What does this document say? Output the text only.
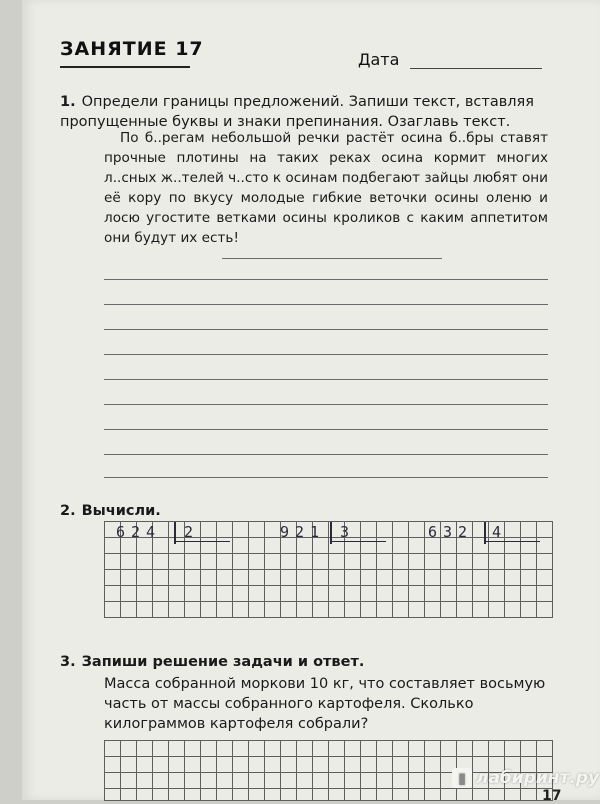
ЗАНЯТИЕ 17	Дата
1. Определи границы предложений. Запиши текст, вставляя пропущенные буквы и знаки препинания. Озаглавь текст.

По б..регам небольшой речки растёт осина б..бры ставят прочные плотины на таких реках осина кормит многих л..сных ж..телей ч..сто к осинам подбегают зайцы любят они её кору по вкусу молодые гибкие веточки осины оленю и лосю угостите ветками осины кроликов с каким аппетитом они будут их есть!

2. Вычисли.
624 2	921 3	632 4
3. Запиши решение задачи и ответ.
Масса собранной моркови 10 кг, что составляет восьмую часть от массы собранного картофеля. Сколько килограммов картофеля собрали?
▮ лабиринт.ру
17
